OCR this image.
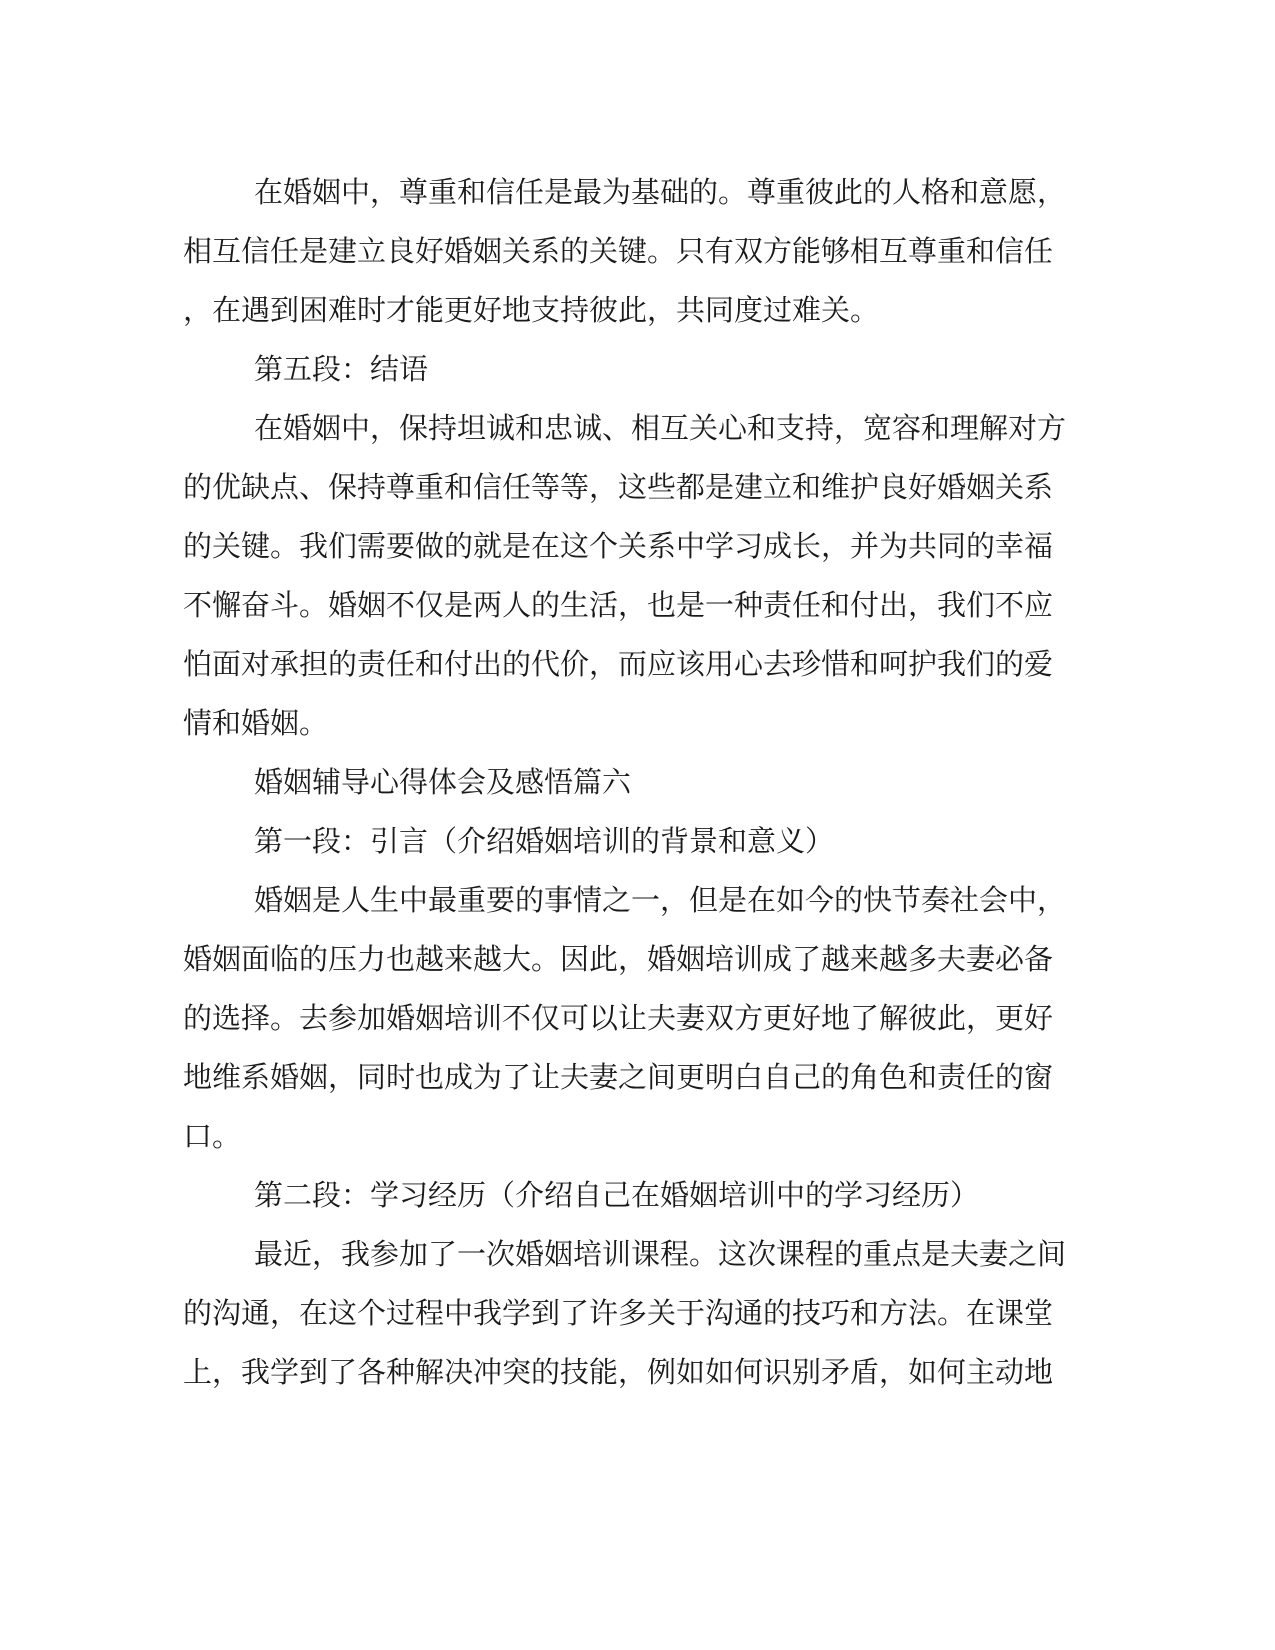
在婚姻中，尊重和信任是最为基础的。尊重彼此的人格和意愿，
相互信任是建立良好婚姻关系的关键。只有双方能够相互尊重和信任
，在遇到困难时才能更好地支持彼此，共同度过难关。
第五段：结语
在婚姻中，保持坦诚和忠诚、相互关心和支持，宽容和理解对方
的优缺点、保持尊重和信任等等，这些都是建立和维护良好婚姻关系
的关键。我们需要做的就是在这个关系中学习成长，并为共同的幸福
不懈奋斗。婚姻不仅是两人的生活，也是一种责任和付出，我们不应
怕面对承担的责任和付出的代价，而应该用心去珍惜和呵护我们的爱
情和婚姻。
婚姻辅导心得体会及感悟篇六
第一段：引言（介绍婚姻培训的背景和意义）
婚姻是人生中最重要的事情之一，但是在如今的快节奏社会中，
婚姻面临的压力也越来越大。因此，婚姻培训成了越来越多夫妻必备
的选择。去参加婚姻培训不仅可以让夫妻双方更好地了解彼此，更好
地维系婚姻，同时也成为了让夫妻之间更明白自己的角色和责任的窗
口。
第二段：学习经历（介绍自己在婚姻培训中的学习经历）
最近，我参加了一次婚姻培训课程。这次课程的重点是夫妻之间
的沟通，在这个过程中我学到了许多关于沟通的技巧和方法。在课堂
上，我学到了各种解决冲突的技能，例如如何识别矛盾，如何主动地
